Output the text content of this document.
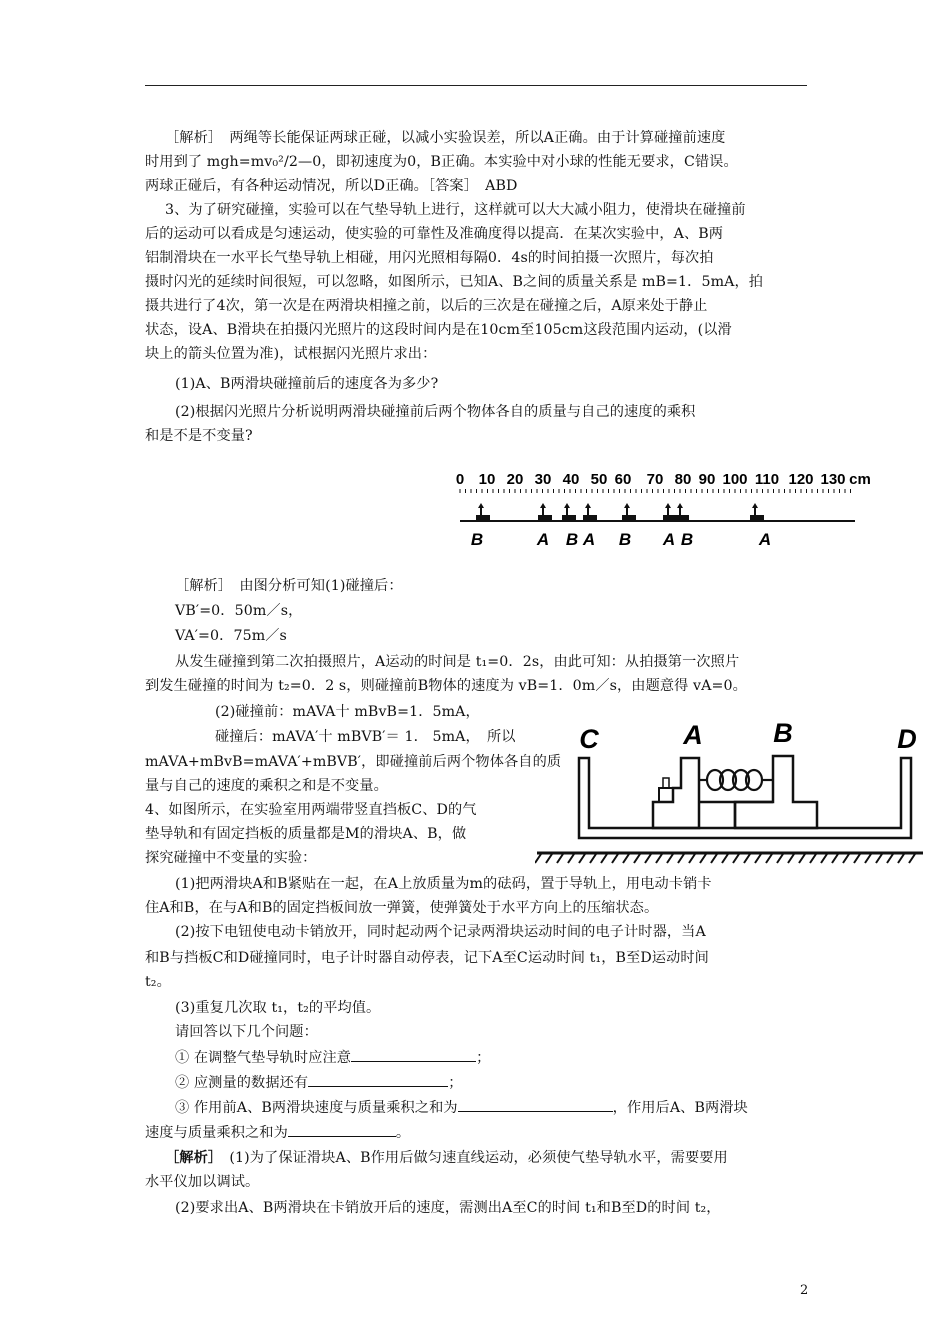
［解析］　两绳等长能保证两球正碰，以减小实验误差，所以A正确。由于计算碰撞前速度
时用到了 mgh=mv₀²/2—0，即初速度为0，B正确。本实验中对小球的性能无要求，C错误。
两球正碰后，有各种运动情况，所以D正确。［答案］　ABD
3、为了研究碰撞，实验可以在气垫导轨上进行，这样就可以大大减小阻力，使滑块在碰撞前
后的运动可以看成是匀速运动，使实验的可靠性及准确度得以提高．在某次实验中，A、B两
铝制滑块在一水平长气垫导轨上相碰，用闪光照相每隔0．4s的时间拍摄一次照片，每次拍
摄时闪光的延续时间很短，可以忽略，如图所示，已知A、B之间的质量关系是 mB=1．5mA，拍
摄共进行了4次，第一次是在两滑块相撞之前，以后的三次是在碰撞之后，A原来处于静止
状态，设A、B滑块在拍摄闪光照片的这段时间内是在10cm至105cm这段范围内运动，(以滑
块上的箭头位置为准)，试根据闪光照片求出：
(1)A、B两滑块碰撞前后的速度各为多少?
(2)根据闪光照片分析说明两滑块碰撞前后两个物体各自的质量与自己的速度的乘积
和是不是不变量?
［解析］　由图分析可知(1)碰撞后：
VB′=0．50m／s，
VA′=0．75m／s
从发生碰撞到第二次拍摄照片，A运动的时间是 t₁=0．2s，由此可知：从拍摄第一次照片
到发生碰撞的时间为 t₂=0．2 s，则碰撞前B物体的速度为 vB=1．0m／s，由题意得 vA=0。
(2)碰撞前：mAVA十 mBvB=1．5mA，
碰撞后：mAVA′十 mBVB′＝ 1． 5mA，　所以
mAVA+mBvB=mAVA′+mBVB′，即碰撞前后两个物体各自的质
量与自己的速度的乘积之和是不变量。
4、如图所示，在实验室用两端带竖直挡板C、D的气
垫导轨和有固定挡板的质量都是M的滑块A、B，做
探究碰撞中不变量的实验：
(1)把两滑块A和B紧贴在一起，在A上放质量为m的砝码，置于导轨上，用电动卡销卡
住A和B，在与A和B的固定挡板间放一弹簧，使弹簧处于水平方向上的压缩状态。
(2)按下电钮使电动卡销放开，同时起动两个记录两滑块运动时间的电子计时器，当A
和B与挡板C和D碰撞同时，电子计时器自动停表，记下A至C运动时间 t₁，B至D运动时间
t₂。
(3)重复几次取 t₁，t₂的平均值。
请回答以下几个问题：
① 在调整气垫导轨时应注意	；
② 应测量的数据还有	；
③ 作用前A、B两滑块速度与质量乘积之和为	，作用后A、B两滑块
速度与质量乘积之和为	。
［解析］　(1)为了保证滑块A、B作用后做匀速直线运动，必须使气垫导轨水平，需要要用
水平仪加以调试。
(2)要求出A、B两滑块在卡销放开后的速度，需测出A至C的时间 t₁和B至D的时间 t₂，
0 10 20 30 40 50 60 70 80 90 100 110 120 130 cm
B	A B A B A B	A
C	A	B	D
2
